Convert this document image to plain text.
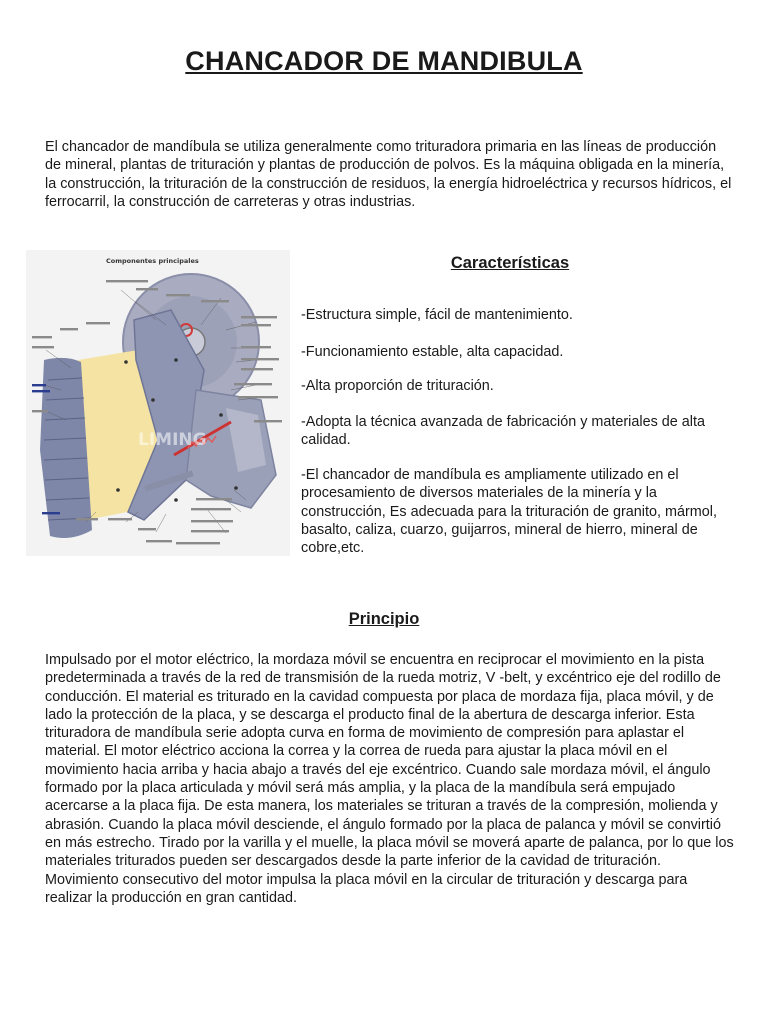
CHANCADOR DE MANDIBULA

El chancador de mandíbula se utiliza generalmente como trituradora primaria en las líneas de producción de mineral, plantas de trituración y plantas de producción de polvos. Es la máquina obligada en la minería, la construcción, la trituración de la construcción de residuos, la energía hidroeléctrica y recursos hídricos, el ferrocarril, la construcción de carreteras y otras industrias.

Componentes principales
LIMING
Características

-Estructura simple, fácil de mantenimiento.

-Funcionamiento estable, alta capacidad.

-Alta proporción de trituración.

-Adopta la técnica avanzada de fabricación y materiales de alta calidad.

-El chancador de mandíbula es ampliamente utilizado en el procesamiento de diversos materiales de la minería y la construcción, Es adecuada para la trituración de granito, mármol, basalto, caliza, cuarzo, guijarros, mineral de hierro, mineral de cobre,etc.

Principio

Impulsado por el motor eléctrico, la mordaza móvil se encuentra en reciprocar el movimiento en la pista predeterminada a través de la red de transmisión de la rueda motriz, V -belt, y excéntrico eje del rodillo de conducción. El material es triturado en la cavidad compuesta por placa de mordaza fija, placa móvil, y de lado la protección de la placa, y se descarga el producto final de la abertura de descarga inferior. Esta trituradora de mandíbula serie adopta curva en forma de movimiento de compresión para aplastar el material. El motor eléctrico acciona la correa y la correa de rueda para ajustar la placa móvil en el movimiento hacia arriba y hacia abajo a través del eje excéntrico. Cuando sale mordaza móvil, el ángulo formado por la placa articulada y móvil será más amplia, y la placa de la mandíbula será empujado acercarse a la placa fija. De esta manera, los materiales se trituran a través de la compresión, molienda y abrasión. Cuando la placa móvil desciende, el ángulo formado por la placa de palanca y móvil se convirtió en más estrecho. Tirado por la varilla y el muelle, la placa móvil se moverá aparte de palanca, por lo que los materiales triturados pueden ser descargados desde la parte inferior de la cavidad de trituración. Movimiento consecutivo del motor impulsa la placa móvil en la circular de trituración y descarga para realizar la producción en gran cantidad.
